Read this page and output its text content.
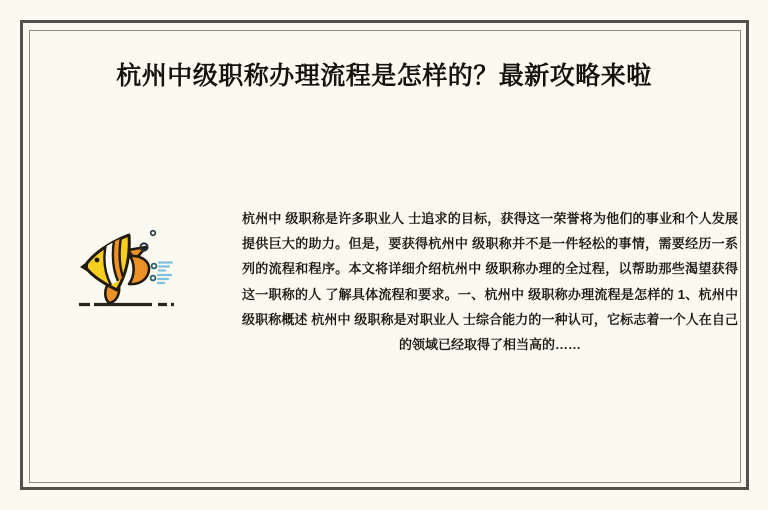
杭州中级职称办理流程是怎样的？最新攻略来啦

杭州中 级职称是许多职业人 士追求的目标，获得这一荣誉将为他们的事业和个人发展提供巨大的助力。但是，要获得杭州中 级职称并不是一件轻松的事情，需要经历一系列的流程和程序。本文将详细介绍杭州中 级职称办理的全过程，以帮助那些渴望获得这一职称的人 了解具体流程和要求。一、杭州中 级职称办理流程是怎样的 1、杭州中 级职称概述 杭州中 级职称是对职业人 士综合能力的一种认可，它标志着一个人在自己的领域已经取得了相当高的……
